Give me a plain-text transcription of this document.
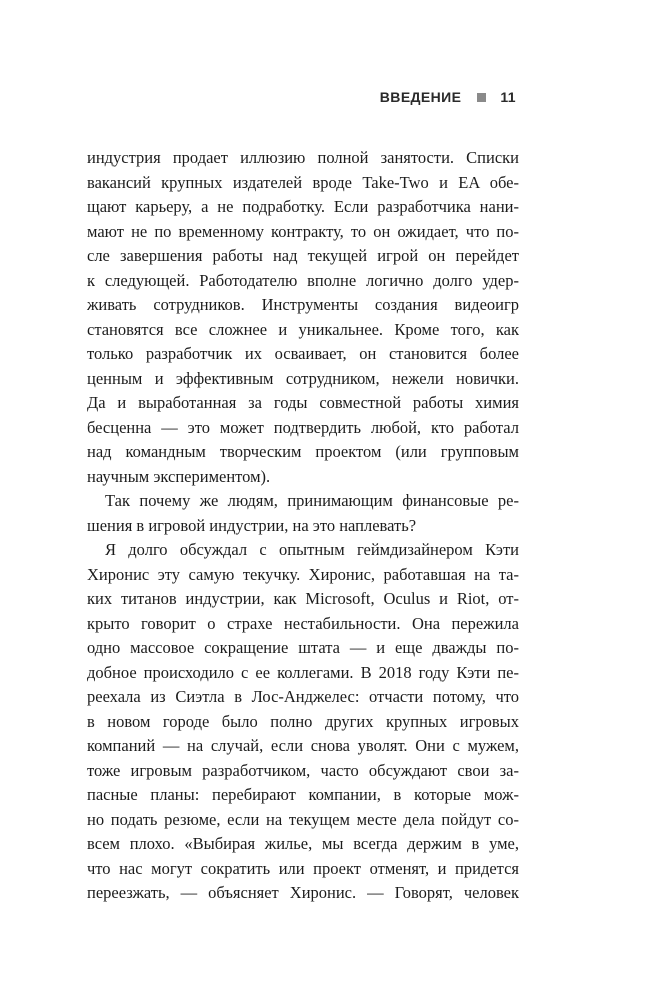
ВВЕДЕНИЕ	11
индустрия продает иллюзию полной занятости. Списки
вакансий крупных издателей вроде Take-Two и EA обе-
щают карьеру, а не подработку. Если разработчика нани-
мают не по временному контракту, то он ожидает, что по-
сле завершения работы над текущей игрой он перейдет
к следующей. Работодателю вполне логично долго удер-
живать сотрудников. Инструменты создания видеоигр
становятся все сложнее и уникальнее. Кроме того, как
только разработчик их осваивает, он становится более
ценным и эффективным сотрудником, нежели новички.
Да и выработанная за годы совместной работы химия
бесценна — это может подтвердить любой, кто работал
над командным творческим проектом (или групповым
научным экспериментом).
Так почему же людям, принимающим финансовые ре-
шения в игровой индустрии, на это наплевать?
Я долго обсуждал с опытным геймдизайнером Кэти
Хиронис эту самую текучку. Хиронис, работавшая на та-
ких титанов индустрии, как Microsoft, Oculus и Riot, от-
крыто говорит о страхе нестабильности. Она пережила
одно массовое сокращение штата — и еще дважды по-
добное происходило с ее коллегами. В 2018 году Кэти пе-
реехала из Сиэтла в Лос-Анджелес: отчасти потому, что
в новом городе было полно других крупных игровых
компаний — на случай, если снова уволят. Они с мужем,
тоже игровым разработчиком, часто обсуждают свои за-
пасные планы: перебирают компании, в которые мож-
но подать резюме, если на текущем месте дела пойдут со-
всем плохо. «Выбирая жилье, мы всегда держим в уме,
что нас могут сократить или проект отменят, и придется
переезжать, — объясняет Хиронис. — Говорят, человек
